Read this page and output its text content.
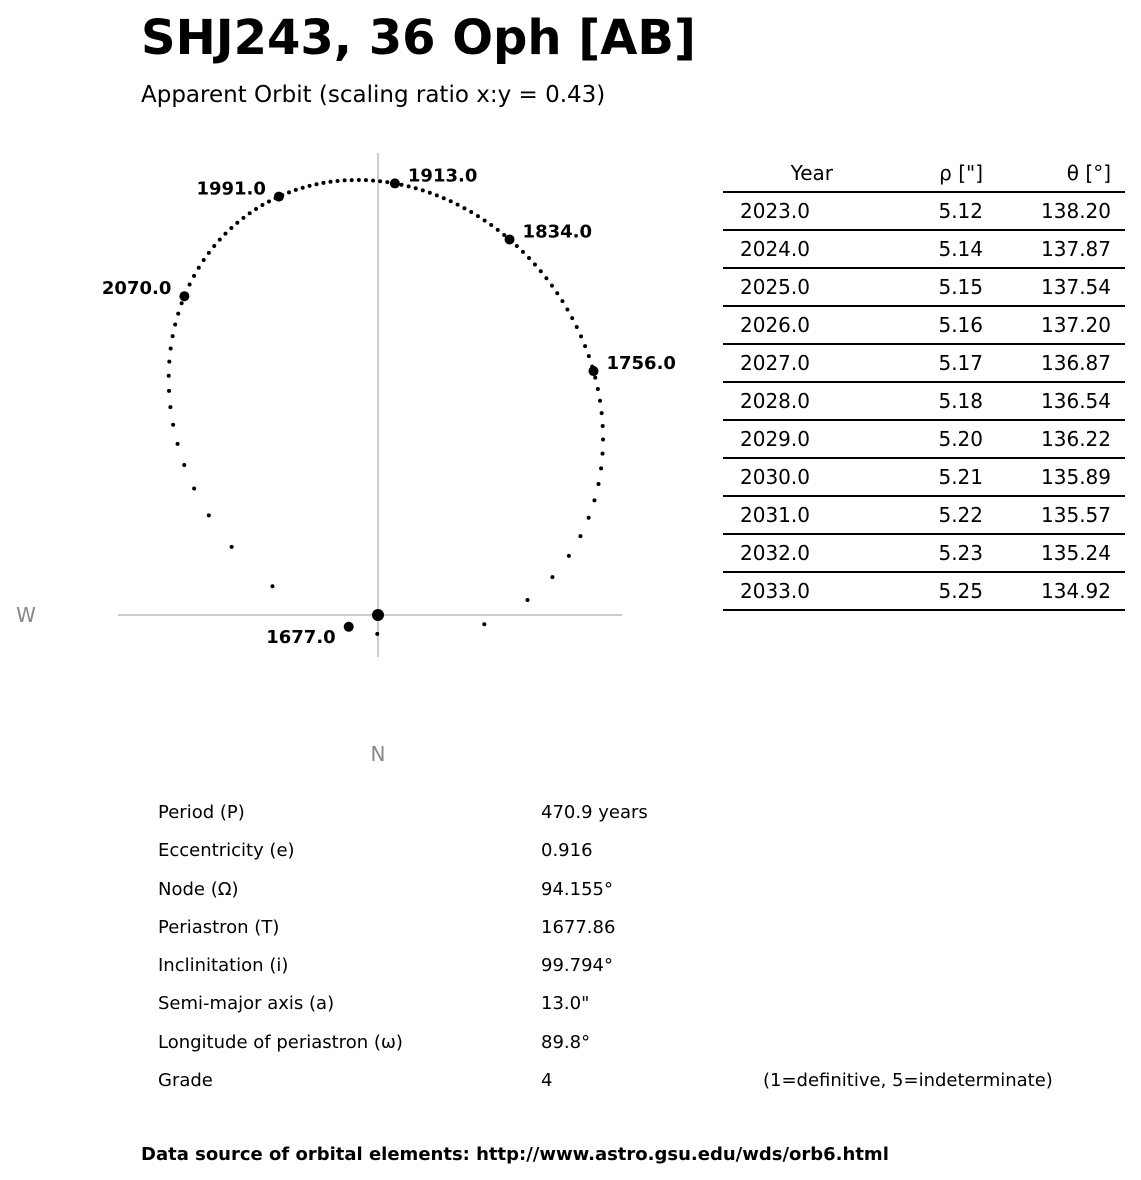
SHJ243, 36 Oph [AB]
Apparent Orbit (scaling ratio x:y = 0.43)
W
N
1677.0
1756.0
1834.0
1913.0
1991.0
2070.0
Year	ρ ["]	θ [°]
2023.0	5.12	138.20
2024.0	5.14	137.87
2025.0	5.15	137.54
2026.0	5.16	137.20
2027.0	5.17	136.87
2028.0	5.18	136.54
2029.0	5.20	136.22
2030.0	5.21	135.89
2031.0	5.22	135.57
2032.0	5.23	135.24
2033.0	5.25	134.92
Period (P)	470.9 years
Eccentricity (e)	0.916
Node (Ω)	94.155°
Periastron (T)	1677.86
Inclinitation (i)	99.794°
Semi-major axis (a)	13.0"
Longitude of periastron (ω)	89.8°
Grade	4	(1=definitive, 5=indeterminate)
Data source of orbital elements: http://www.astro.gsu.edu/wds/orb6.html
